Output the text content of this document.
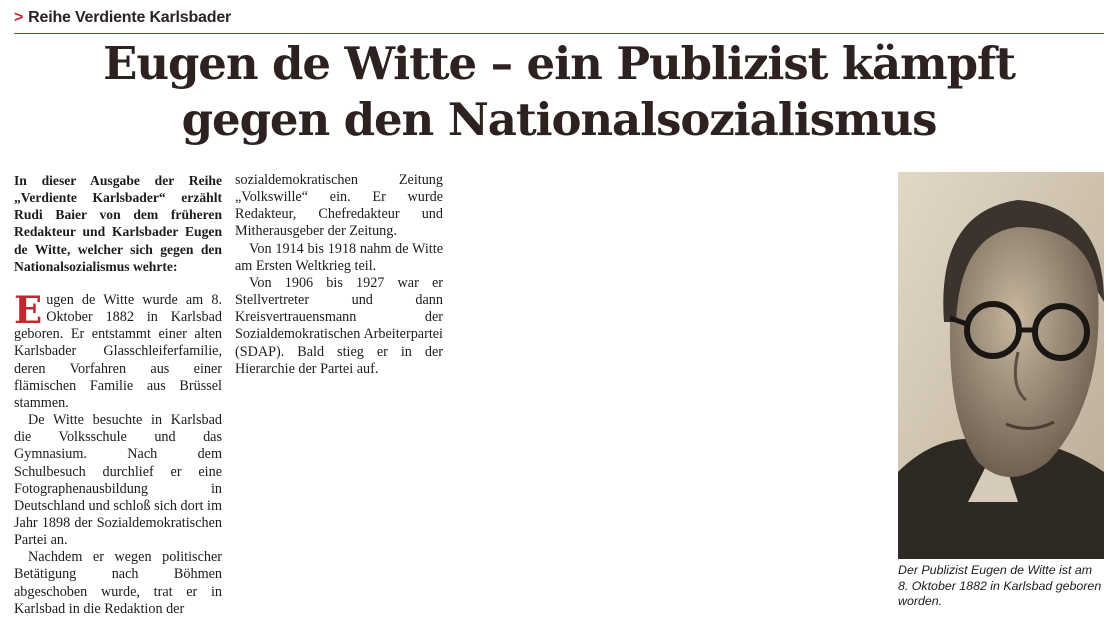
> Reihe Verdiente Karlsbader
Eugen de Witte – ein Publizist kämpft
gegen den Nationalsozialismus

In dieser Ausgabe der Reihe „Verdiente Karlsbader“ erzählt Rudi Baier von dem früheren Redakteur und Karlsbader Eugen de Witte, welcher sich gegen den Nationalsozialismus wehrte:

Eugen de Witte wurde am 8. Oktober 1882 in Karlsbad geboren. Er entstammt einer alten Karlsbader Glasschleiferfamilie, deren Vorfahren aus einer flämischen Familie aus Brüssel stammen.

De Witte besuchte in Karlsbad die Volksschule und das Gymnasium. Nach dem Schulbesuch durchlief er eine Fotographenausbildung in Deutschland und schloß sich dort im Jahr 1898 der Sozialdemokratischen Partei an.

Nachdem er wegen politischer Betätigung nach Böhmen abgeschoben wurde, trat er in Karlsbad in die Redaktion der

sozialdemokratischen Zeitung „Volkswille“ ein. Er wurde Redakteur, Chefredakteur und Mitherausgeber der Zeitung.

Von 1914 bis 1918 nahm de Witte am Ersten Weltkrieg teil.

Von 1906 bis 1927 war er Stellvertreter und dann Kreisvertrauensmann der Sozialdemokratischen Arbeiterpartei (SDAP). Bald stieg er in der Hierarchie der Partei auf.

Der Publizist Eugen de Witte ist am 8. Oktober 1882 in Karlsbad geboren worden.
